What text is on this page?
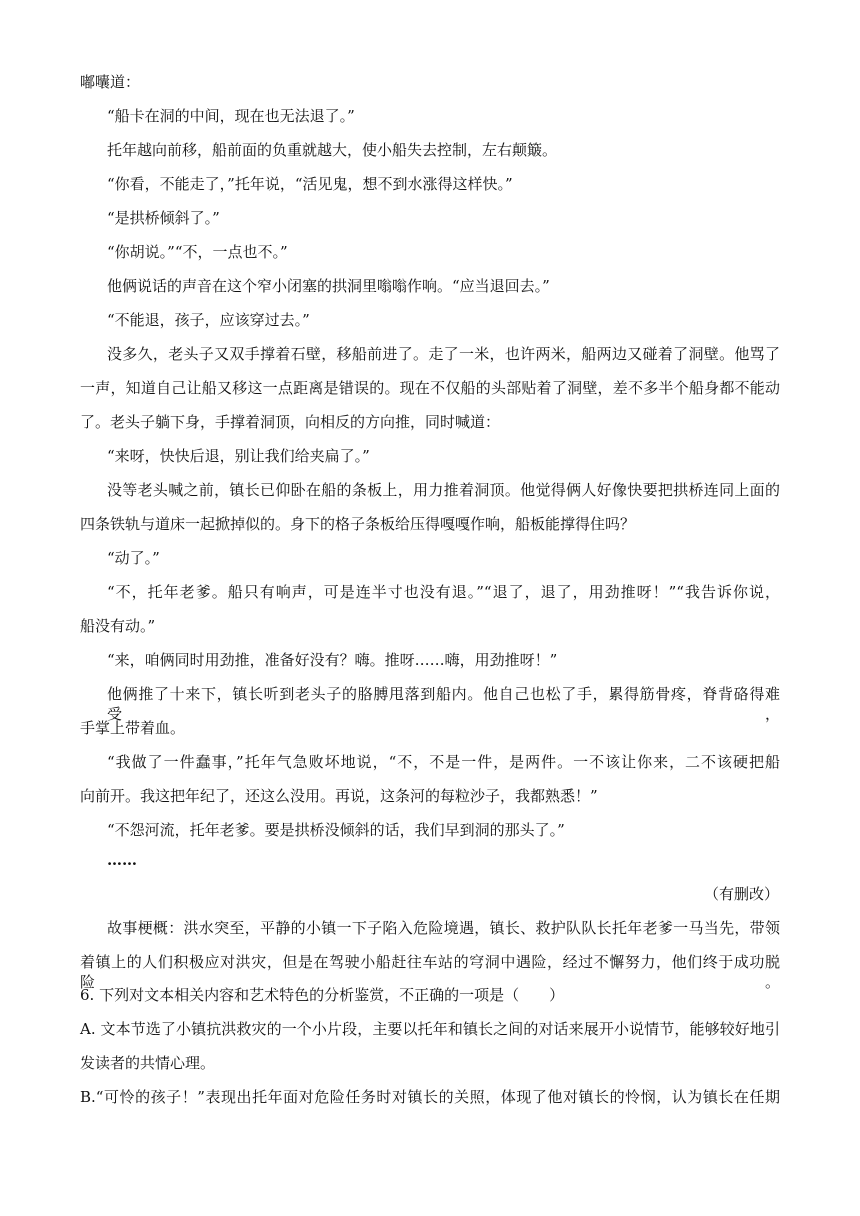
嘟囔道：
“船卡在洞的中间，现在也无法退了。”
托年越向前移，船前面的负重就越大，使小船失去控制，左右颠簸。
“你看，不能走了，”托年说，“活见鬼，想不到水涨得这样快。”
“是拱桥倾斜了。”
“你胡说。”“不，一点也不。”
他俩说话的声音在这个窄小闭塞的拱洞里嗡嗡作响。“应当退回去。”
“不能退，孩子，应该穿过去。”
没多久，老头子又双手撑着石壁，移船前进了。走了一米，也许两米，船两边又碰着了洞壁。他骂了
一声，知道自己让船又移这一点距离是错误的。现在不仅船的头部贴着了洞壁，差不多半个船身都不能动
了。老头子躺下身，手撑着洞顶，向相反的方向推，同时喊道：
“来呀，快快后退，别让我们给夹扁了。”
没等老头喊之前，镇长已仰卧在船的条板上，用力推着洞顶。他觉得俩人好像快要把拱桥连同上面的
四条铁轨与道床一起掀掉似的。身下的格子条板给压得嘎嘎作响，船板能撑得住吗？
“动了。”
“不，托年老爹。船只有响声，可是连半寸也没有退。”“退了，退了，用劲推呀！”“我告诉你说，
船没有动。”
“来，咱俩同时用劲推，准备好没有？嗨。推呀……嗨，用劲推呀！”
他俩推了十来下，镇长听到老头子的胳膊甩落到船内。他自己也松了手，累得筋骨疼，脊背硌得难受，
手掌上带着血。
“我做了一件蠢事，”托年气急败坏地说，“不，不是一件，是两件。一不该让你来，二不该硬把船
向前开。我这把年纪了，还这么没用。再说，这条河的每粒沙子，我都熟悉！”
“不怨河流，托年老爹。要是拱桥没倾斜的话，我们早到洞的那头了。”
……
（有删改）
故事梗概：洪水突至，平静的小镇一下子陷入危险境遇，镇长、救护队队长托年老爹一马当先，带领
着镇上的人们积极应对洪灾，但是在驾驶小船赶往车站的穹洞中遇险，经过不懈努力，他们终于成功脱险。
6. 下列对文本相关内容和艺术特色的分析鉴赏，不正确的一项是（　　）
A. 文本节选了小镇抗洪救灾的一个小片段，主要以托年和镇长之间的对话来展开小说情节，能够较好地引
发读者的共情心理。
B.“可怜的孩子！”表现出托年面对危险任务时对镇长的关照，体现了他对镇长的怜悯，认为镇长在任期
